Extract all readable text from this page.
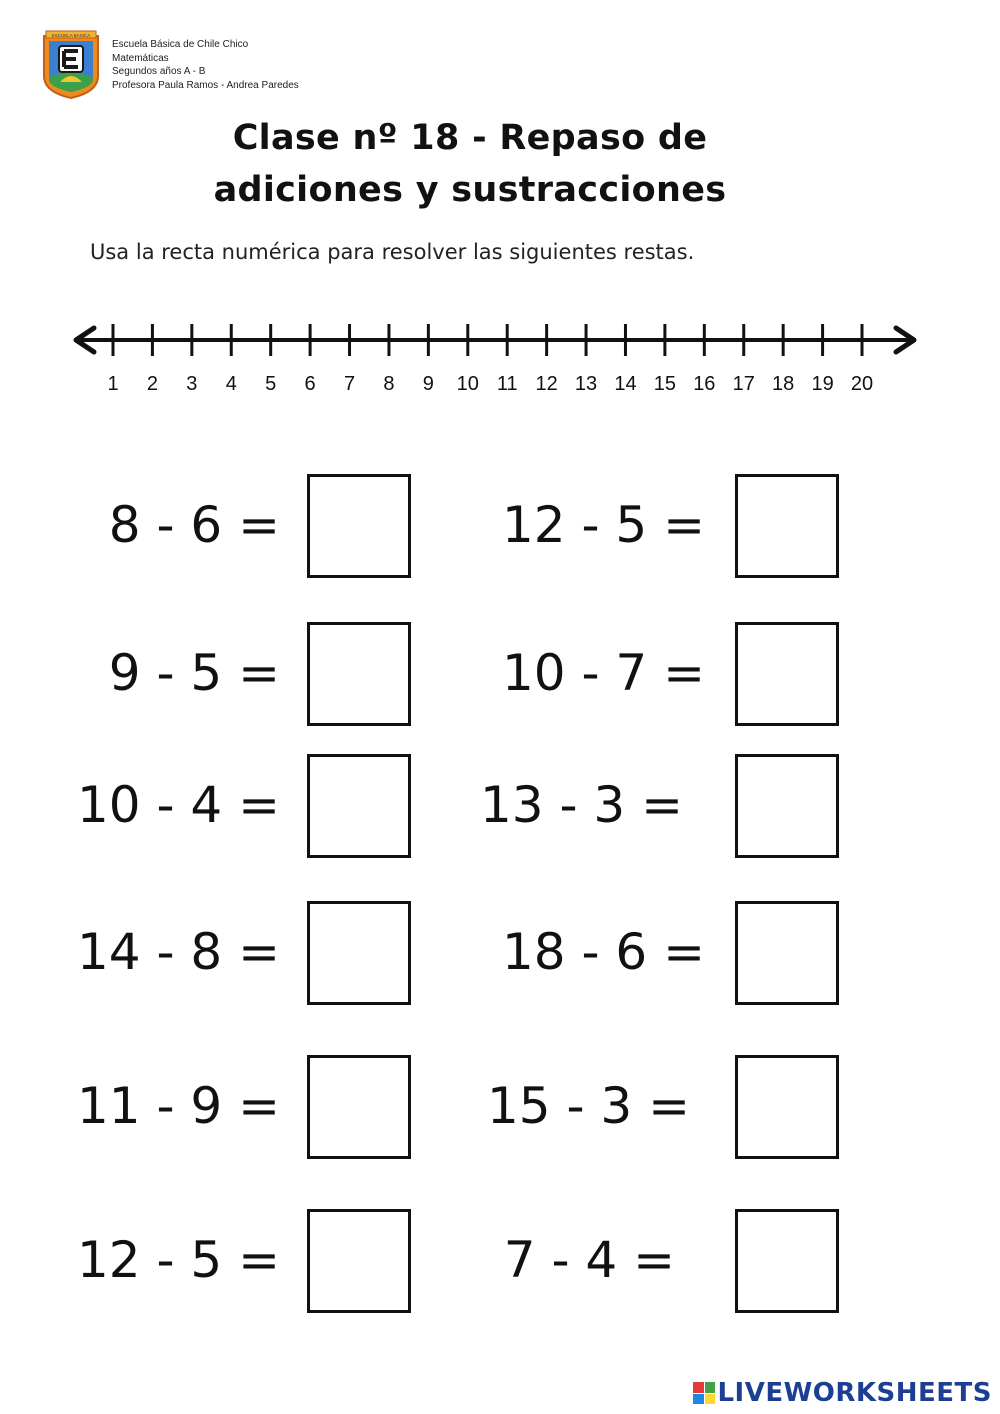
ESCUELA BASICA
Escuela Básica de Chile Chico
Matemáticas
Segundos años A - B
Profesora Paula Ramos - Andrea Paredes
Clase nº 18 - Repaso de
adiciones y sustracciones
Usa la recta numérica para resolver las siguientes restas.
1 2 3 4 5 6 7 8 9 10 11 12 13 14 15 16 17 18 19 20
8 - 6 =	12 - 5 =
9 - 5 =	10 - 7 =
10 - 4 =	13 - 3 =
14 - 8 =	18 - 6 =
11 - 9 =	15 - 3 =
12 - 5 =	7 - 4 =
LIVEWORKSHEETS
